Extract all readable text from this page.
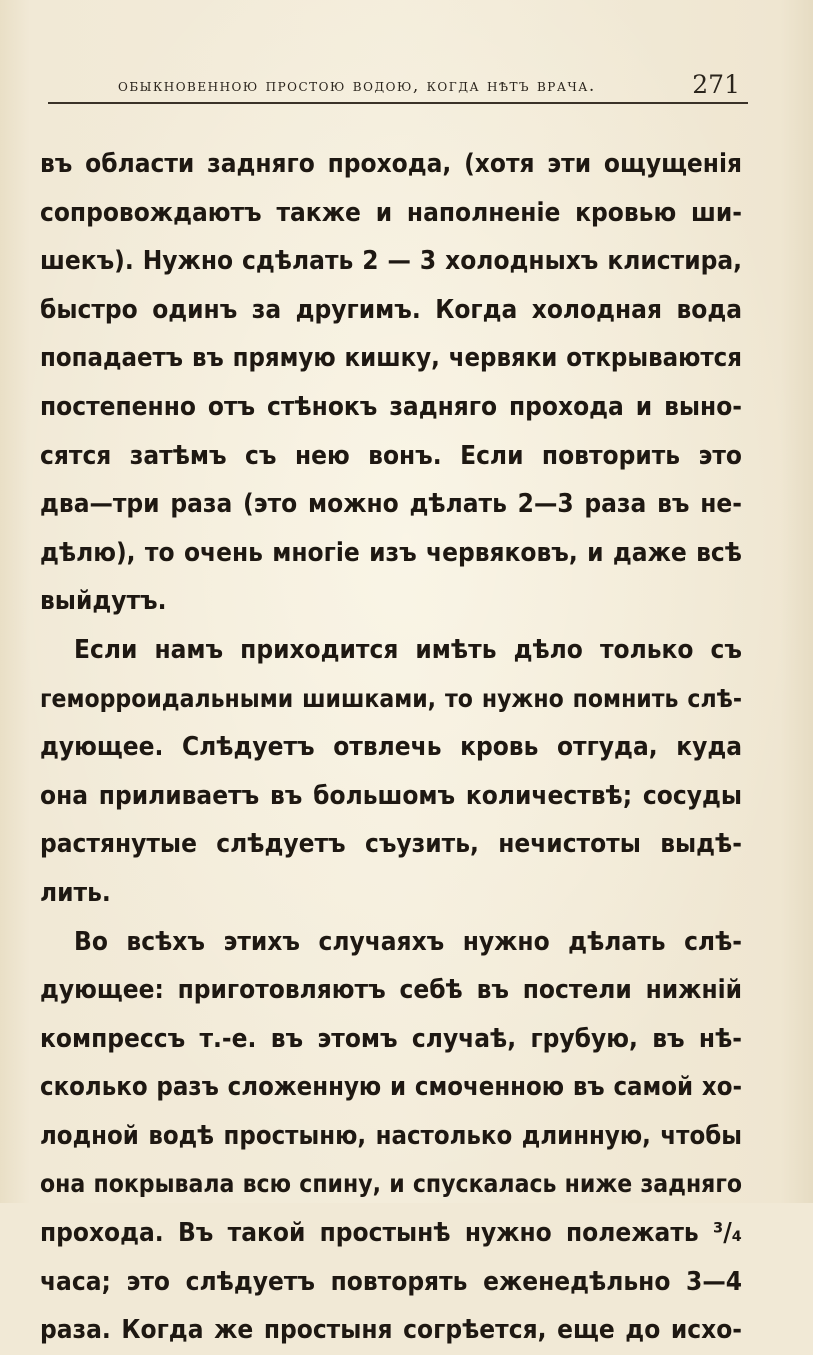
обыкновенною простою водою, когда нѣтъ врача.	271
въ области задняго прохода, (хотя эти ощущенія
сопровождаютъ также и наполненіе кровью ши-
шекъ). Нужно сдѣлать 2 — 3 холодныхъ клистира,
быстро одинъ за другимъ. Когда холодная вода
попадаетъ въ прямую кишку, червяки открываются
постепенно отъ стѣнокъ задняго прохода и выно-
сятся затѣмъ съ нею вонъ. Если повторить это
два—три раза (это можно дѣлать 2—3 раза въ не-
дѣлю), то очень многіе изъ червяковъ, и даже всѣ
выйдутъ.
Если намъ приходится имѣть дѣло только съ
геморроидальными шишками, то нужно помнить слѣ-
дующее. Слѣдуетъ отвлечь кровь отгуда, куда
она приливаетъ въ большомъ количествѣ; сосуды
растянутые слѣдуетъ съузить, нечистоты выдѣ-
лить.
Во всѣхъ этихъ случаяхъ нужно дѣлать слѣ-
дующее: приготовляютъ себѣ въ постели нижній
компрессъ т.-е. въ этомъ случаѣ, грубую, въ нѣ-
сколько разъ сложенную и смоченною въ самой хо-
лодной водѣ простыню, настолько длинную, чтобы
она покрывала всю спину, и спускалась ниже задняго
прохода. Въ такой простынѣ нужно полежать ³/₄
часа; это слѣдуетъ повторять еженедѣльно 3—4
раза. Когда же простыня согрѣется, еще до исхо-
